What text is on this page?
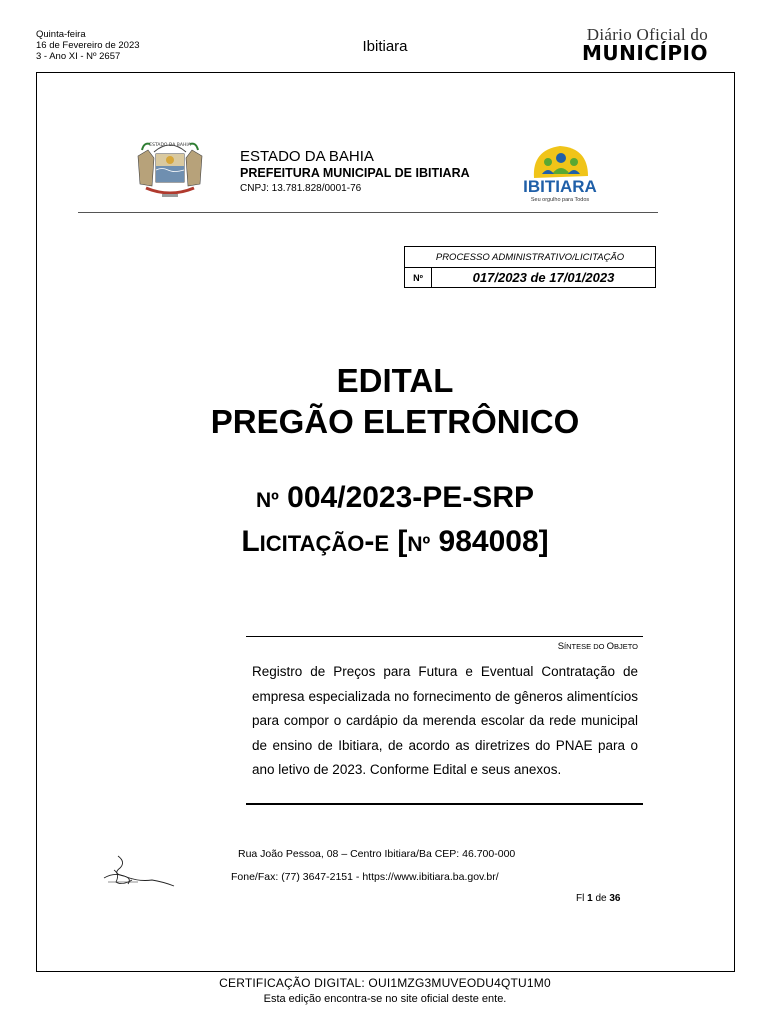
Quinta-feira
16 de Fevereiro de 2023
3 - Ano XI - Nº 2657
Ibitiara
Diário Oficial do
MUNICÍPIO
ESTADO DA BAHIA
ESTADO DA BAHIA
PREFEITURA MUNICIPAL DE IBITIARA
CNPJ: 13.781.828/0001-76	IBITIARA
Seu orgulho para Todos
PROCESSO ADMINISTRATIVO/LICITAÇÃO
Nº	017/2023 de 17/01/2023
EDITAL
PREGÃO ELETRÔNICO
Nº 004/2023-PE-SRP
LICITAÇÃO-E [Nº 984008]
SÍNTESE DO OBJETO
Registro de Preços para Futura e Eventual Contratação de empresa especializada no fornecimento de gêneros alimentícios para compor o cardápio da merenda escolar da rede municipal de ensino de Ibitiara, de acordo as diretrizes do PNAE para o ano letivo de 2023. Conforme Edital e seus anexos.
Rua João Pessoa, 08 – Centro Ibitiara/Ba CEP: 46.700-000
Fone/Fax: (77) 3647-2151 - https://www.ibitiara.ba.gov.br/
Fl 1 de 36
CERTIFICAÇÃO DIGITAL: OUI1MZG3MUVEODU4QTU1M0
Esta edição encontra-se no site oficial deste ente.
